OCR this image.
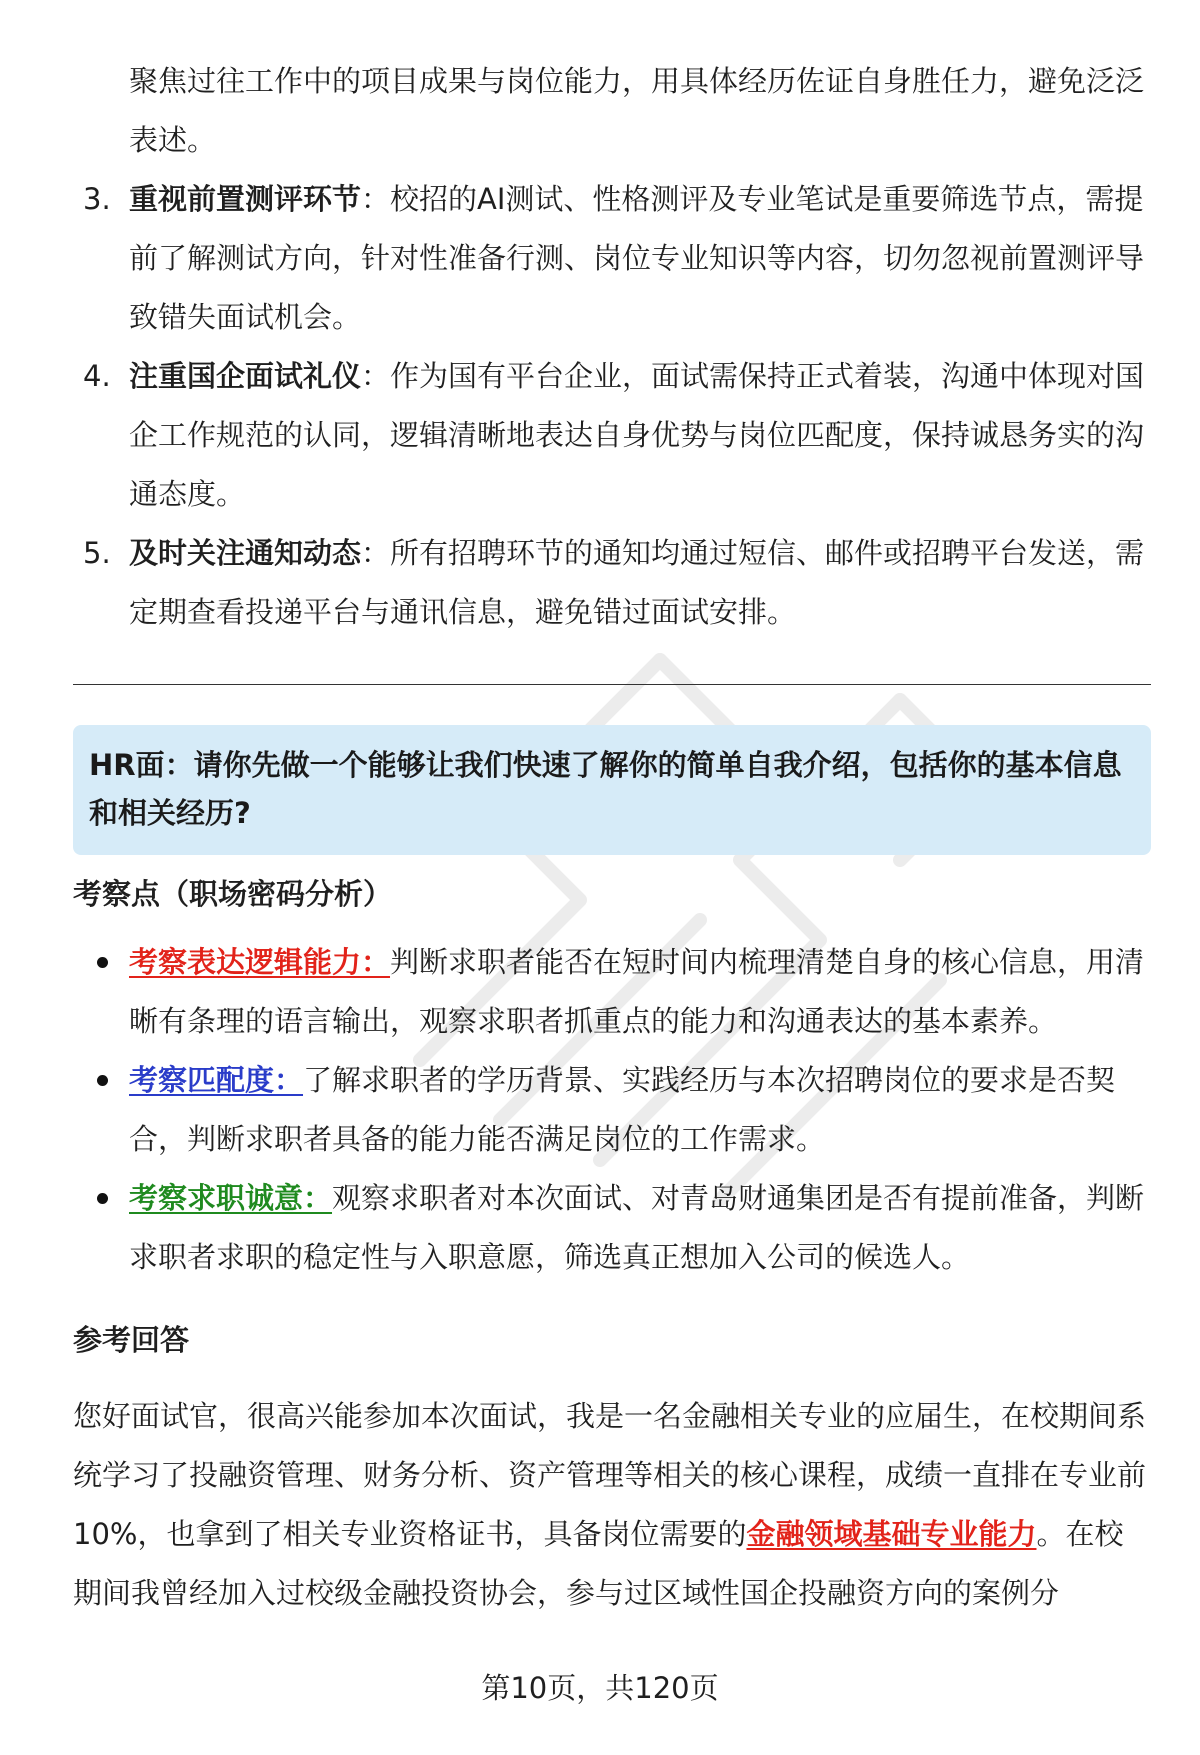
聚焦过往工作中的项目成果与岗位能力，用具体经历佐证自身胜任力，避免泛泛表述。

3. 重视前置测评环节：校招的AI测试、性格测评及专业笔试是重要筛选节点，需提前了解测试方向，针对性准备行测、岗位专业知识等内容，切勿忽视前置测评导致错失面试机会。
4. 注重国企面试礼仪：作为国有平台企业，面试需保持正式着装，沟通中体现对国企工作规范的认同，逻辑清晰地表达自身优势与岗位匹配度，保持诚恳务实的沟通态度。
5. 及时关注通知动态：所有招聘环节的通知均通过短信、邮件或招聘平台发送，需定期查看投递平台与通讯信息，避免错过面试安排。
HR面：请你先做一个能够让我们快速了解你的简单自我介绍，包括你的基本信息和相关经历?
考察点（职场密码分析）
考察表达逻辑能力：判断求职者能否在短时间内梳理清楚自身的核心信息，用清晰有条理的语言输出，观察求职者抓重点的能力和沟通表达的基本素养。
考察匹配度：了解求职者的学历背景、实践经历与本次招聘岗位的要求是否契合，判断求职者具备的能力能否满足岗位的工作需求。
考察求职诚意：观察求职者对本次面试、对青岛财通集团是否有提前准备，判断求职者求职的稳定性与入职意愿，筛选真正想加入公司的候选人。
参考回答

您好面试官，很高兴能参加本次面试，我是一名金融相关专业的应届生，在校期间系统学习了投融资管理、财务分析、资产管理等相关的核心课程，成绩一直排在专业前10%，也拿到了相关专业资格证书，具备岗位需要的金融领域基础专业能力。在校期间我曾经加入过校级金融投资协会，参与过区域性国企投融资方向的案例分

第10页，共120页
